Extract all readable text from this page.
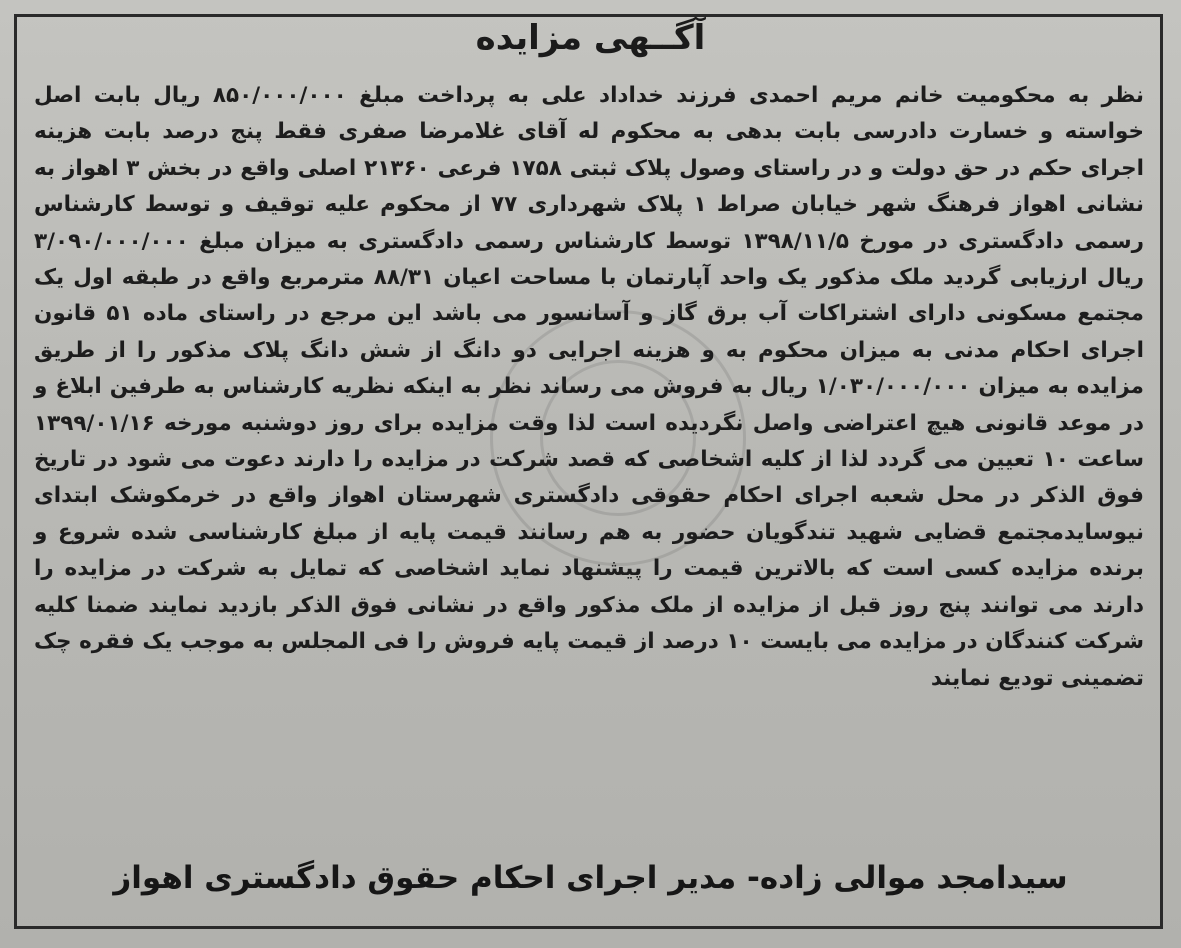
آگــهی مزایده
نظر به محکومیت خانم مریم احمدی فرزند خداداد علی به پرداخت مبلغ ۸۵۰/۰۰۰/۰۰۰ ریال بابت اصل خواسته و خسارت دادرسی بابت بدهی به محکوم له آقای غلامرضا صفری فقط پنج درصد بابت هزینه اجرای حکم در حق دولت و در راستای وصول پلاک ثبتی ۱۷۵۸ فرعی ۲۱۳۶۰ اصلی واقع در بخش ۳ اهواز به نشانی اهواز فرهنگ شهر خیابان صراط ۱ پلاک شهرداری ۷۷ از محکوم علیه توقیف و توسط کارشناس رسمی دادگستری در مورخ ۱۳۹۸/۱۱/۵ توسط کارشناس رسمی دادگستری به میزان مبلغ ۳/۰۹۰/۰۰۰/۰۰۰ ریال ارزیابی گردید ملک مذکور یک واحد آپارتمان با مساحت اعیان ۸۸/۳۱ مترمربع واقع در طبقه اول یک مجتمع مسکونی دارای اشتراکات آب برق گاز و آسانسور می باشد این مرجع در راستای ماده ۵۱ قانون اجرای احکام مدنی به میزان محکوم به و هزینه اجرایی دو دانگ از شش دانگ پلاک مذکور را از طریق مزایده به میزان ۱/۰۳۰/۰۰۰/۰۰۰ ریال به فروش می رساند نظر به اینکه نظریه کارشناس به طرفین ابلاغ و در موعد قانونی هیچ اعتراضی واصل نگردیده است لذا وقت مزایده برای روز دوشنبه مورخه ۱۳۹۹/۰۱/۱۶ ساعت ۱۰ تعیین می گردد لذا از کلیه اشخاصی که قصد شرکت در مزایده را دارند دعوت می شود در تاریخ فوق الذکر در محل شعبه اجرای احکام حقوقی دادگستری شهرستان اهواز واقع در خرمکوشک ابتدای نیوسایدمجتمع قضایی شهید تندگویان حضور به هم رسانند قیمت پایه از مبلغ کارشناسی شده شروع و برنده مزایده کسی است که بالاترین قیمت را پیشنهاد نماید اشخاصی که تمایل به شرکت در مزایده را دارند می توانند پنج روز قبل از مزایده از ملک مذکور واقع در نشانی فوق الذکر بازدید نمایند ضمنا کلیه شرکت کنندگان در مزایده می بایست ۱۰ درصد از قیمت پایه فروش را فی المجلس به موجب یک فقره چک تضمینی تودیع نمایند
سیدامجد موالی زاده- مدیر اجرای احکام حقوق دادگستری اهواز
